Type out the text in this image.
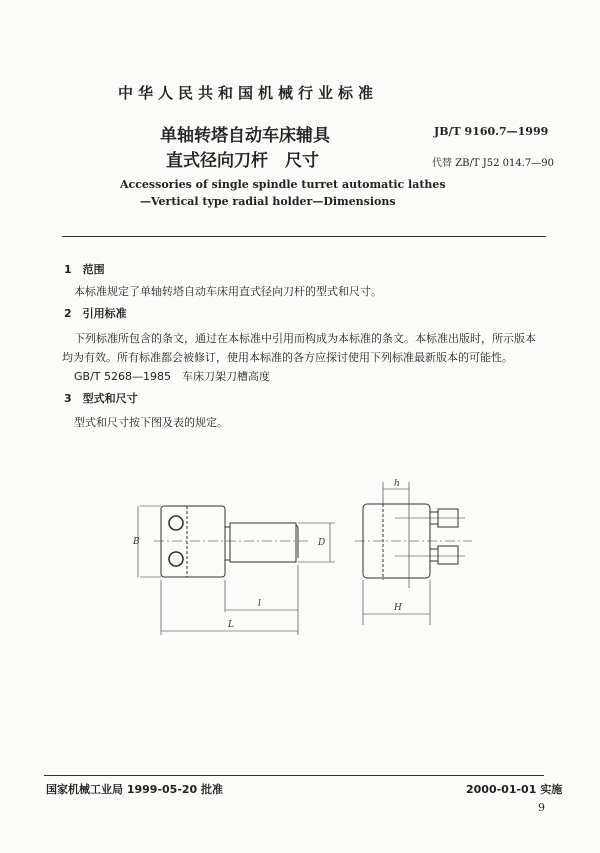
中华人民共和国机械行业标准
单轴转塔自动车床辅具
直式径向刀杆　尺寸
JB/T 9160.7—1999
代替 ZB/T J52 014.7—90
Accessories of single spindle turret automatic lathes
—Vertical type radial holder—Dimensions
1　 范围
本标准规定了单轴转塔自动车床用直式径向刀杆的型式和尺寸。
2　 引用标准
下列标准所包含的条文，通过在本标准中引用而构成为本标准的条文。本标准出版时，所示版本
均为有效。所有标准都会被修订，使用本标准的各方应探讨使用下列标准最新版本的可能性。
GB/T 5268—1985　车床刀架刀槽高度
3　 型式和尺寸
型式和尺寸按下图及表的规定。
B	D
l
L
h
H
国家机械工业局 1999-05-20 批准	2000-01-01 实施
9
